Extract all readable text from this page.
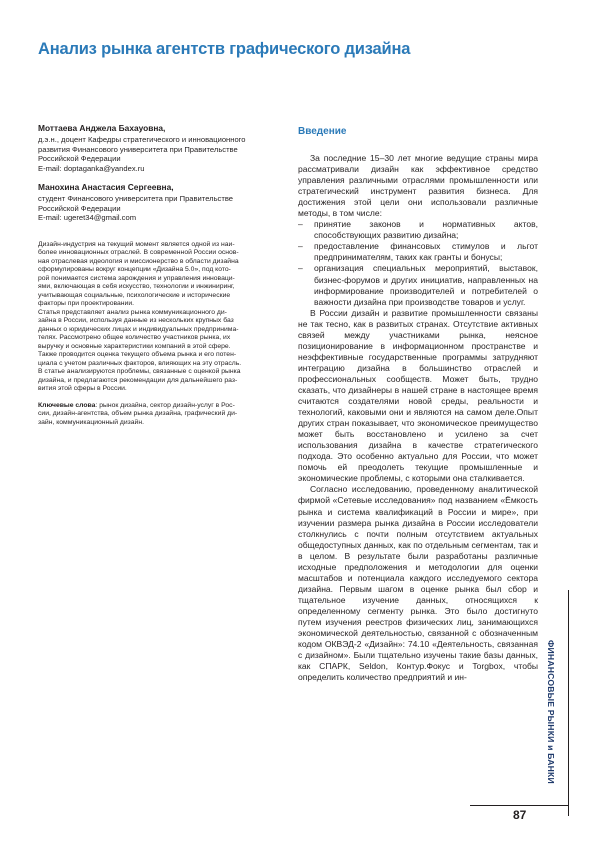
Анализ рынка агентств графического дизайна
Моттаева Анджела Бахауовна,
д.э.н., доцент Кафедры стратегического и инновационного
развития Финансового университета при Правительстве
Российской Федерации
E-mail: doptaganka@yandex.ru
Манохина Анастасия Сергеевна,
студент Финансового университета при Правительстве
Российской Федерации
E-mail: ugeret34@gmail.com

Дизайн-индустрия на текущий момент является одной из наи-
более инновационных отраслей. В современной России основ-
ная отраслевая идеология и миссионерство в области дизайна
сформулированы вокруг концепции «Дизайна 5.0», под кото-
рой понимается система зарождения и управления инноваци-
ями, включающая в себя искусство, технологии и инжиниринг,
учитывающая социальные, психологические и исторические
факторы при проектировании.

Статья представляет анализ рынка коммуникационного ди-
зайна в России, используя данные из нескольких крупных баз
данных о юридических лицах и индивидуальных предпринима-
телях. Рассмотрено общее количество участников рынка, их
выручку и основные характеристики компаний в этой сфере.
Также проводится оценка текущего объема рынка и его потен-
циала с учетом различных факторов, влияющих на эту отрасль.
В статье анализируются проблемы, связанные с оценкой рынка
дизайна, и предлагаются рекомендации для дальнейшего раз-
вития этой сферы в России.

Ключевые слова: рынок дизайна, сектор дизайн-услуг в Рос-
сии, дизайн-агентства, объем рынка дизайна, графический ди-
зайн, коммуникационный дизайн.
Введение

За последние 15–30 лет многие ведущие страны мира рассматривали дизайн как эффективное средство управления различными отраслями промышленности или стратегический инструмент развития бизнеса. Для достижения этой цели они использовали различные методы, в том числе:

– принятие законов и нормативных актов, способствующих развитию дизайна;
– предоставление финансовых стимулов и льгот предпринимателям, таких как гранты и бонусы;
– организация специальных мероприятий, выставок, бизнес-форумов и других инициатив, направленных на информирование производителей и потребителей о важности дизайна при производстве товаров и услуг.

В России дизайн и развитие промышленности связаны не так тесно, как в развитых странах. Отсутствие активных связей между участниками рынка, неясное позиционирование в информационном пространстве и неэффективные государственные программы затрудняют интеграцию дизайна в большинство отраслей и профессиональных сообществ. Может быть, трудно сказать, что дизайнеры в нашей стране в настоящее время считаются создателями новой среды, реальности и технологий, каковыми они и являются на самом деле.Опыт других стран показывает, что экономическое преимущество может быть восстановлено и усилено за счет использования дизайна в качестве стратегического подхода. Это особенно актуально для России, что может помочь ей преодолеть текущие промышленные и экономические проблемы, с которыми она сталкивается.

Согласно исследованию, проведенному аналитической фирмой «Сетевые исследования» под названием «Ёмкость рынка и система квалификаций в России и мире», при изучении размера рынка дизайна в России исследователи столкнулись с почти полным отсутствием актуальных общедоступных данных, как по отдельным сегментам, так и в целом. В результате были разработаны различные исходные предположения и методологии для оценки масштабов и потенциала каждого исследуемого сектора дизайна. Первым шагом в оценке рынка был сбор и тщательное изучение данных, относящихся к определенному сегменту рынка. Это было достигнуто путем изучения реестров физических лиц, занимающихся экономической деятельностью, связанной с обозначенным кодом ОКВЭД-2 «Дизайн»: 74.10 «Деятельность, связанная с дизайном». Были тщательно изучены такие базы данных, как СПАРК, Seldon, Контур.Фокус и Torgbox, чтобы определить количество предприятий и ин-	ФИНАНСОВЫЕ РЫНКИ и БАНКИ
87
